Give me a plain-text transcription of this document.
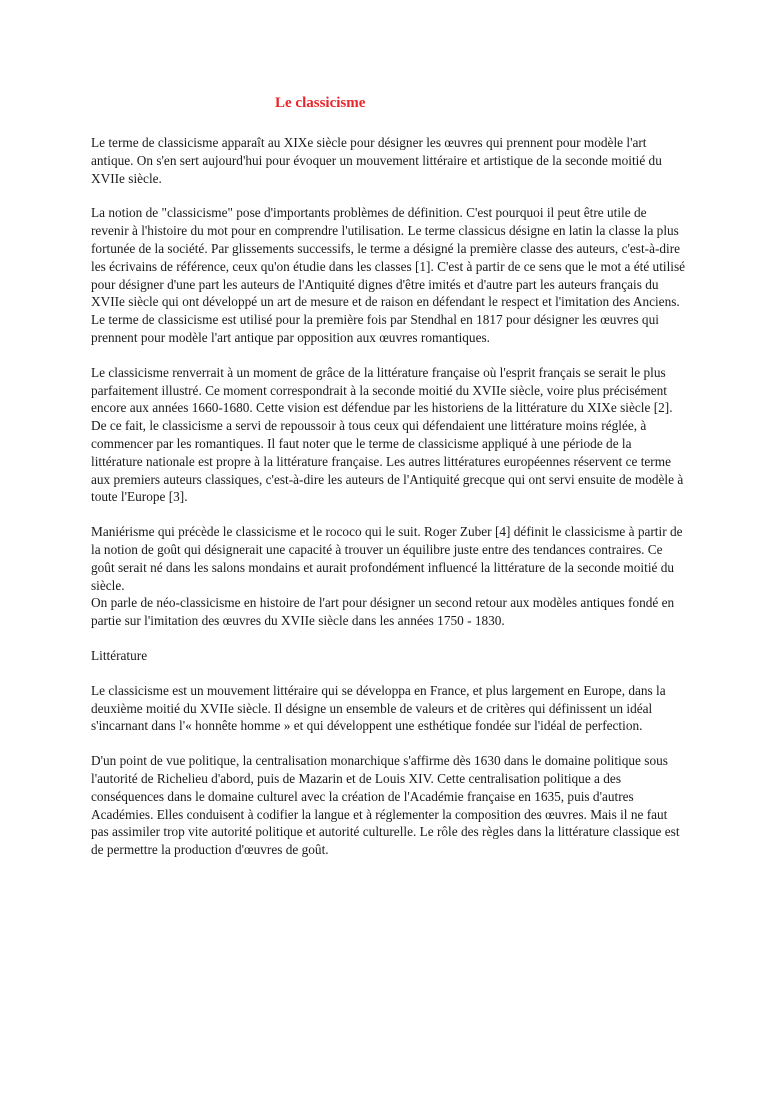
Le classicisme

Le terme de classicisme apparaît au XIXe siècle pour désigner les œuvres qui prennent pour modèle l'art antique. On s'en sert aujourd'hui pour évoquer un mouvement littéraire et artistique de la seconde moitié du XVIIe siècle.

La notion de "classicisme" pose d'importants problèmes de définition. C'est pourquoi il peut être utile de revenir à l'histoire du mot pour en comprendre l'utilisation. Le terme classicus désigne en latin la classe la plus fortunée de la société. Par glissements successifs, le terme a désigné la première classe des auteurs, c'est-à-dire les écrivains de référence, ceux qu'on étudie dans les classes [1]. C'est à partir de ce sens que le mot a été utilisé pour désigner d'une part les auteurs de l'Antiquité dignes d'être imités et d'autre part les auteurs français du XVIIe siècle qui ont développé un art de mesure et de raison en défendant le respect et l'imitation des Anciens. Le terme de classicisme est utilisé pour la première fois par Stendhal en 1817 pour désigner les œuvres qui prennent pour modèle l'art antique par opposition aux œuvres romantiques.

Le classicisme renverrait à un moment de grâce de la littérature française où l'esprit français se serait le plus parfaitement illustré. Ce moment correspondrait à la seconde moitié du XVIIe siècle, voire plus précisément encore aux années 1660-1680. Cette vision est défendue par les historiens de la littérature du XIXe siècle [2]. De ce fait, le classicisme a servi de repoussoir à tous ceux qui défendaient une littérature moins réglée, à commencer par les romantiques. Il faut noter que le terme de classicisme appliqué à une période de la littérature nationale est propre à la littérature française. Les autres littératures européennes réservent ce terme aux premiers auteurs classiques, c'est-à-dire les auteurs de l'Antiquité grecque qui ont servi ensuite de modèle à toute l'Europe [3].

Maniérisme qui précède le classicisme et le rococo qui le suit. Roger Zuber [4] définit le classicisme à partir de la notion de goût qui désignerait une capacité à trouver un équilibre juste entre des tendances contraires. Ce goût serait né dans les salons mondains et aurait profondément influencé la littérature de la seconde moitié du siècle.

On parle de néo-classicisme en histoire de l'art pour désigner un second retour aux modèles antiques fondé en partie sur l'imitation des œuvres du XVIIe siècle dans les années 1750 - 1830.

Littérature

Le classicisme est un mouvement littéraire qui se développa en France, et plus largement en Europe, dans la deuxième moitié du XVIIe siècle. Il désigne un ensemble de valeurs et de critères qui définissent un idéal s'incarnant dans l'« honnête homme » et qui développent une esthétique fondée sur l'idéal de perfection.

D'un point de vue politique, la centralisation monarchique s'affirme dès 1630 dans le domaine politique sous l'autorité de Richelieu d'abord, puis de Mazarin et de Louis XIV. Cette centralisation politique a des conséquences dans le domaine culturel avec la création de l'Académie française en 1635, puis d'autres Académies. Elles conduisent à codifier la langue et à réglementer la composition des œuvres. Mais il ne faut pas assimiler trop vite autorité politique et autorité culturelle. Le rôle des règles dans la littérature classique est de permettre la production d'œuvres de goût.
